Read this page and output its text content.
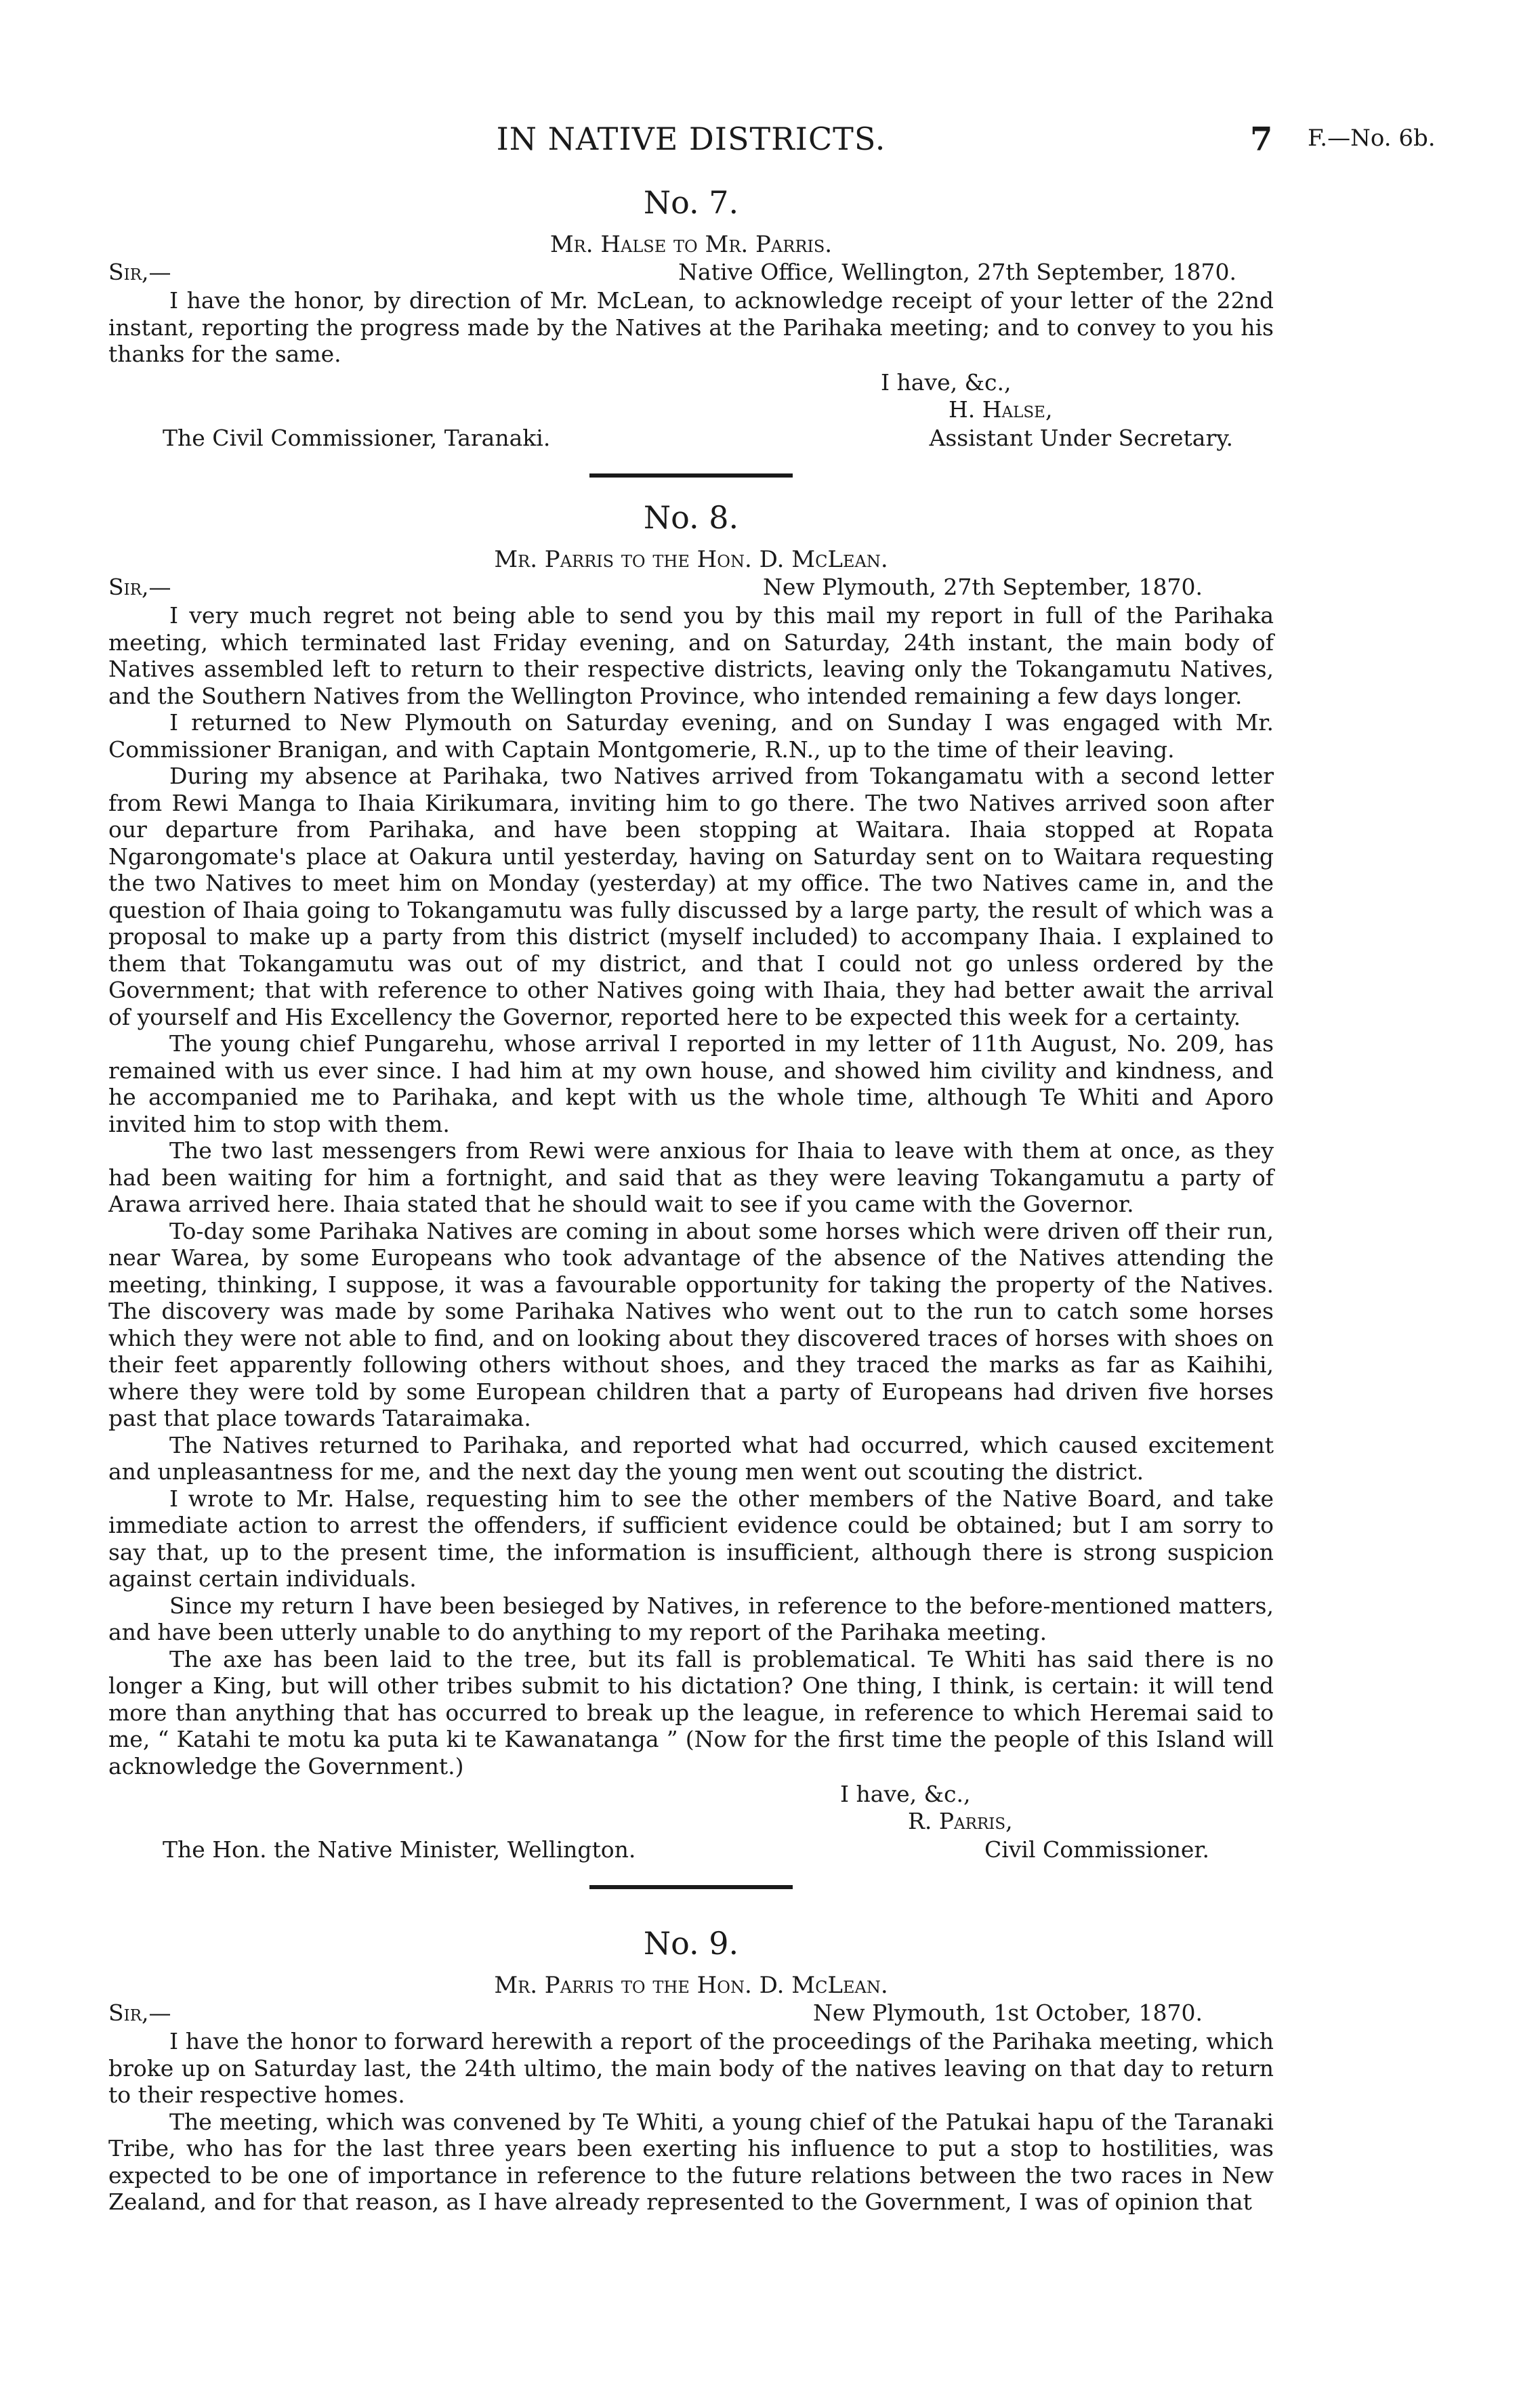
IN NATIVE DISTRICTS.	7 F.—No. 6b.
No. 7.
Mr. Halse to Mr. Parris.
Sir,—	Native Office, Wellington, 27th September, 1870.

I have the honor, by direction of Mr. McLean, to acknowledge receipt of your letter of the 22nd instant, reporting the progress made by the Natives at the Parihaka meeting; and to convey to you his thanks for the same.

I have, &c.,
H. Halse,
The Civil Commissioner, Taranaki.	Assistant Under Secretary.
No. 8.
Mr. Parris to the Hon. D. McLean.
Sir,—	New Plymouth, 27th September, 1870.

I very much regret not being able to send you by this mail my report in full of the Parihaka meeting, which terminated last Friday evening, and on Saturday, 24th instant, the main body of Natives assembled left to return to their respective districts, leaving only the Tokangamutu Natives, and the Southern Natives from the Wellington Province, who intended remaining a few days longer.

I returned to New Plymouth on Saturday evening, and on Sunday I was engaged with Mr. Commissioner Branigan, and with Captain Montgomerie, R.N., up to the time of their leaving.

During my absence at Parihaka, two Natives arrived from Tokangamatu with a second letter from Rewi Manga to Ihaia Kirikumara, inviting him to go there. The two Natives arrived soon after our departure from Parihaka, and have been stopping at Waitara. Ihaia stopped at Ropata Ngarongomate's place at Oakura until yesterday, having on Saturday sent on to Waitara requesting the two Natives to meet him on Monday (yesterday) at my office. The two Natives came in, and the question of Ihaia going to Tokangamutu was fully discussed by a large party, the result of which was a proposal to make up a party from this district (myself included) to accompany Ihaia. I explained to them that Tokangamutu was out of my district, and that I could not go unless ordered by the Government; that with reference to other Natives going with Ihaia, they had better await the arrival of yourself and His Excellency the Governor, reported here to be expected this week for a certainty.

The young chief Pungarehu, whose arrival I reported in my letter of 11th August, No. 209, has remained with us ever since. I had him at my own house, and showed him civility and kindness, and he accompanied me to Parihaka, and kept with us the whole time, although Te Whiti and Aporo invited him to stop with them.

The two last messengers from Rewi were anxious for Ihaia to leave with them at once, as they had been waiting for him a fortnight, and said that as they were leaving Tokangamutu a party of Arawa arrived here. Ihaia stated that he should wait to see if you came with the Governor.

To-day some Parihaka Natives are coming in about some horses which were driven off their run, near Warea, by some Europeans who took advantage of the absence of the Natives attending the meeting, thinking, I suppose, it was a favourable opportunity for taking the property of the Natives. The discovery was made by some Parihaka Natives who went out to the run to catch some horses which they were not able to find, and on looking about they discovered traces of horses with shoes on their feet apparently following others without shoes, and they traced the marks as far as Kaihihi, where they were told by some European children that a party of Europeans had driven five horses past that place towards Tataraimaka.

The Natives returned to Parihaka, and reported what had occurred, which caused excitement and unpleasantness for me, and the next day the young men went out scouting the district.

I wrote to Mr. Halse, requesting him to see the other members of the Native Board, and take immediate action to arrest the offenders, if sufficient evidence could be obtained; but I am sorry to say that, up to the present time, the information is insufficient, although there is strong suspicion against certain individuals.

Since my return I have been besieged by Natives, in reference to the before-mentioned matters, and have been utterly unable to do anything to my report of the Parihaka meeting.

The axe has been laid to the tree, but its fall is problematical. Te Whiti has said there is no longer a King, but will other tribes submit to his dictation? One thing, I think, is certain: it will tend more than anything that has occurred to break up the league, in reference to which Heremai said to me, “ Katahi te motu ka puta ki te Kawanatanga ” (Now for the first time the people of this Island will acknowledge the Government.)

I have, &c.,
R. Parris,
The Hon. the Native Minister, Wellington.	Civil Commissioner.
No. 9.
Mr. Parris to the Hon. D. McLean.
Sir,—	New Plymouth, 1st October, 1870.

I have the honor to forward herewith a report of the proceedings of the Parihaka meeting, which broke up on Saturday last, the 24th ultimo, the main body of the natives leaving on that day to return to their respective homes.

The meeting, which was convened by Te Whiti, a young chief of the Patukai hapu of the Taranaki Tribe, who has for the last three years been exerting his influence to put a stop to hostilities, was expected to be one of importance in reference to the future relations between the two races in New Zealand, and for that reason, as I have already represented to the Government, I was of opinion that
